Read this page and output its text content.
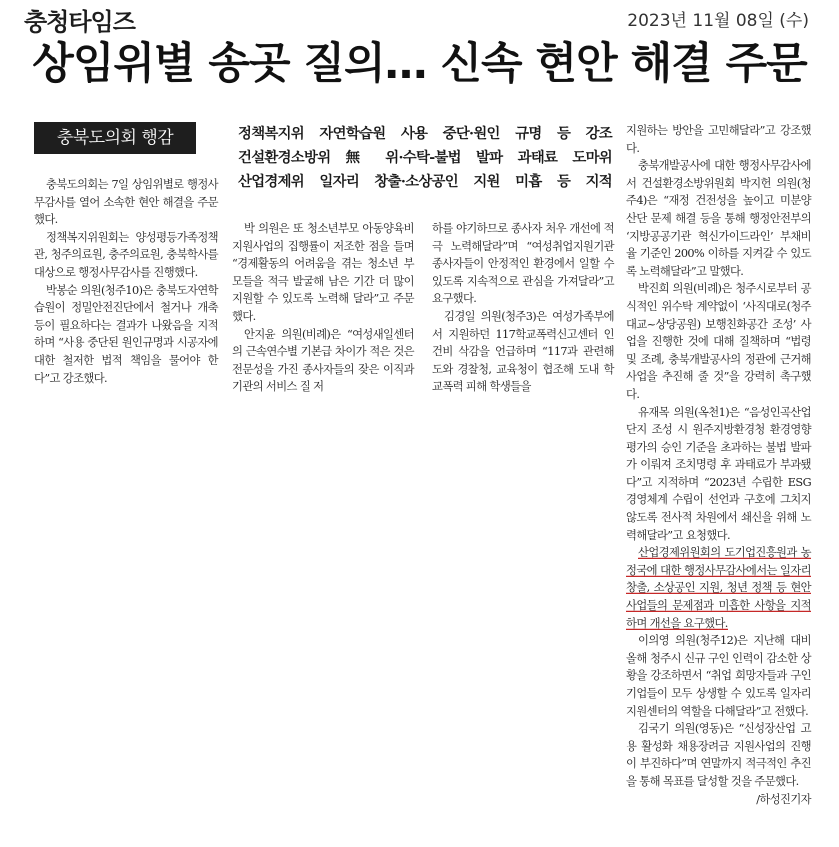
충청타임즈	2023년 11월 08일 (수)
상임위별 송곳 질의… 신속 현안 해결 주문
충북도의회 행감	정책복지위 자연학습원 사용 중단·원인 규명 등 강조
건설환경소방위 無 위·수탁-불법 발파 과태료 도마위
산업경제위 일자리 창출·소상공인 지원 미흡 등 지적

충북도의회는 7일 상임위별로 행정사무감사를 열어 소속한 현안 해결을 주문했다.

정책복지위원회는 양성평등가족정책관, 청주의료원, 충주의료원, 충북학사를 대상으로 행정사무감사를 진행했다.

박봉순 의원(청주10)은 충북도자연학습원이 정밀안전진단에서 철거나 개축 등이 필요하다는 결과가 나왔음을 지적하며 “사용 중단된 원인규명과 시공자에 대한 철저한 법적 책임을 물어야 한다”고 강조했다.

박 의원은 또 청소년부모 아동양육비 지원사업의 집행률이 저조한 점을 들며 “경제활동의 어려움을 겪는 청소년 부모들을 적극 발굴해 남은 기간 더 많이 지원할 수 있도록 노력해 달라”고 주문했다.

안지윤 의원(비례)은 “여성새일센터의 근속연수별 기본급 차이가 적은 것은 전문성을 가진 종사자들의 잦은 이직과 기관의 서비스 질 저

하를 야기하므로 종사자 처우 개선에 적극 노력해달라”며 “여성취업지원기관 종사자들이 안정적인 환경에서 일할 수 있도록 지속적으로 관심을 가져달라”고 요구했다.

김경일 의원(청주3)은 여성가족부에서 지원하던 117학교폭력신고센터 인건비 삭감을 언급하며 “117과 관련해 도와 경찰청, 교육청이 협조해 도내 학교폭력 피해 학생들을

지원하는 방안을 고민해달라”고 강조했다.

충북개발공사에 대한 행정사무감사에서 건설환경소방위원회 박지헌 의원(청주4)은 “재정 건전성을 높이고 미분양 산단 문제 해결 등을 통해 행정안전부의 ‘지방공공기관 혁신가이드라인’ 부채비율 기준인 200% 이하를 지켜갈 수 있도록 노력해달라”고 말했다.

박진희 의원(비례)은 청주시로부터 공식적인 위수탁 계약없이 ‘사직대로(청주대교~상당공원) 보행친화공간 조성’ 사업을 진행한 것에 대해 질책하며 “법령 및 조례, 충북개발공사의 정관에 근거해 사업을 추진해 줄 것”을 강력히 촉구했다.

유재목 의원(옥천1)은 “음성인곡산업단지 조성 시 원주지방환경청 환경영향평가의 승인 기준을 초과하는 불법 발파가 이뤄져 조치명령 후 과태료가 부과됐다”고 지적하며 “2023년 수립한 ESG 경영체계 수립이 선언과 구호에 그치지 않도록 전사적 차원에서 쇄신을 위해 노력해달라”고 요청했다.

산업경제위원회의 도기업진흥원과 농정국에 대한 행정사무감사에서는 일자리 창출, 소상공인 지원, 청년 정책 등 현안 사업들의 문제점과 미흡한 사항을 지적하며 개선을 요구했다.

이의영 의원(청주12)은 지난해 대비 올해 청주시 신규 구인 인력이 감소한 상황을 강조하면서 “취업 희망자들과 구인기업들이 모두 상생할 수 있도록 일자리지원센터의 역할을 다해달라”고 전했다.

김국기 의원(영동)은 “신성장산업 고용 활성화 채용장려금 지원사업의 진행이 부진하다”며 연말까지 적극적인 추진을 통해 목표를 달성할 것을 주문했다.

/하성진기자
